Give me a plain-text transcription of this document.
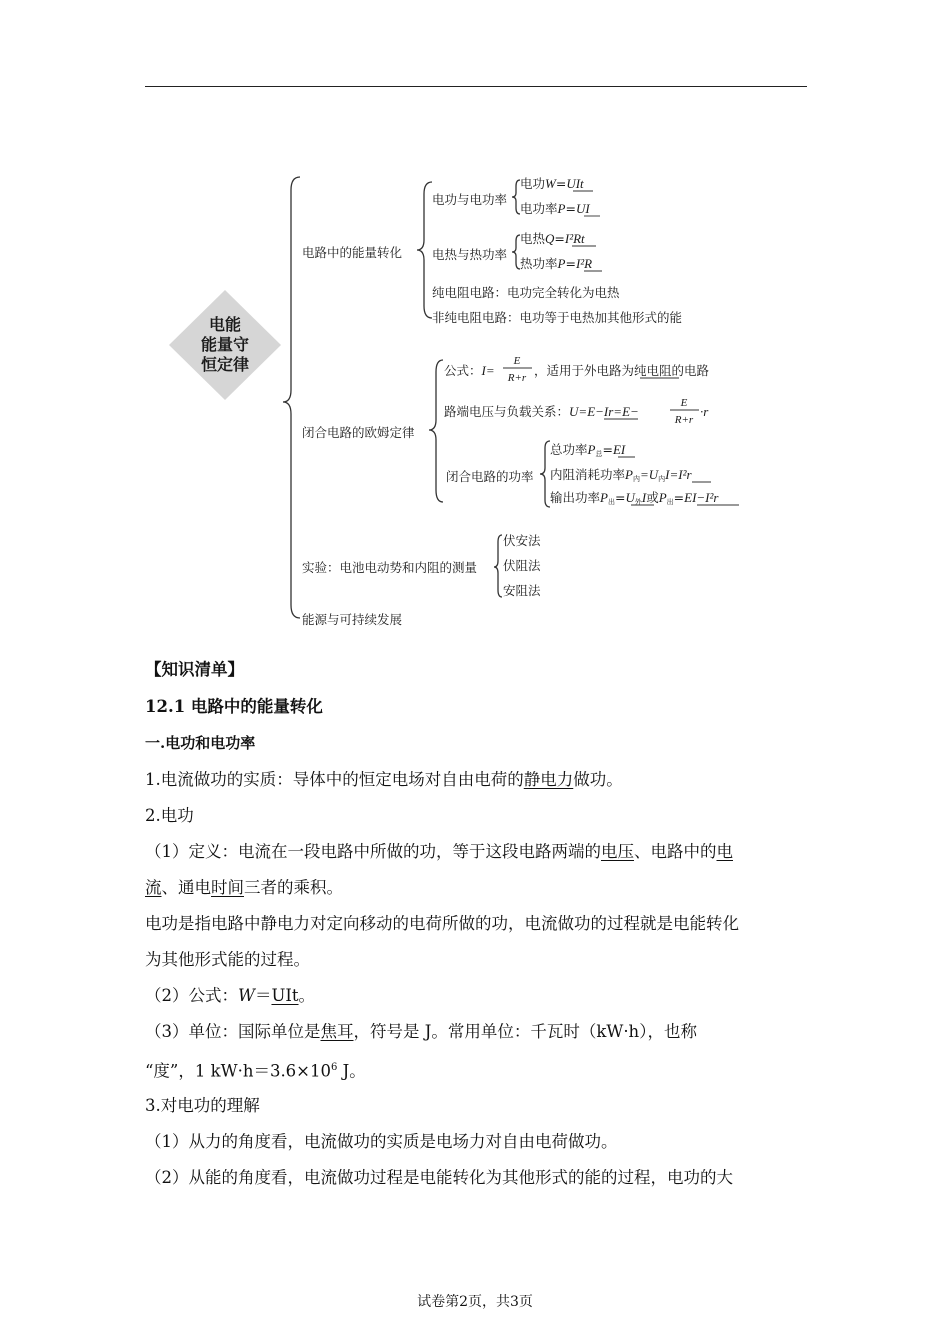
电能
能量守
恒定律
电路中的能量转化
电功与电功率
电功W=UIt
电功率P=UI
电热与热功率
电热Q=I²Rt
热功率P=I²R
纯电阻电路：电功完全转化为电热
非纯电阻电路：电功等于电热加其他形式的能
闭合电路的欧姆定律
公式：I=
E
R+r ，适用于外电路为纯电阻的电路
路端电压与负载关系：U=E−Ir=E−
E
R+r
·r
闭合电路的功率
总功率P总=EI
内阻消耗功率P内=U内I=I²r
输出功率P出=U外I或P出=EI−I²r
实验：电池电动势和内阻的测量
伏安法
伏阻法
安阻法
能源与可持续发展
【知识清单】
12.1 电路中的能量转化
一.电功和电功率
1.电流做功的实质：导体中的恒定电场对自由电荷的静电力做功。
2.电功
（1）定义：电流在一段电路中所做的功，等于这段电路两端的电压、电路中的电
流、通电时间三者的乘积。
电功是指电路中静电力对定向移动的电荷所做的功，电流做功的过程就是电能转化
为其他形式能的过程。
（2）公式：W＝UIt。
（3）单位：国际单位是焦耳，符号是 J。常用单位：千瓦时（kW·h），也称
“度”，1 $kW\cdot h=3.6\times 10^6$ J。
3.对电功的理解
（1）从力的角度看，电流做功的实质是电场力对自由电荷做功。
（2）从能的角度看，电流做功过程是电能转化为其他形式的能的过程，电功的大
试卷第2页，共3页
